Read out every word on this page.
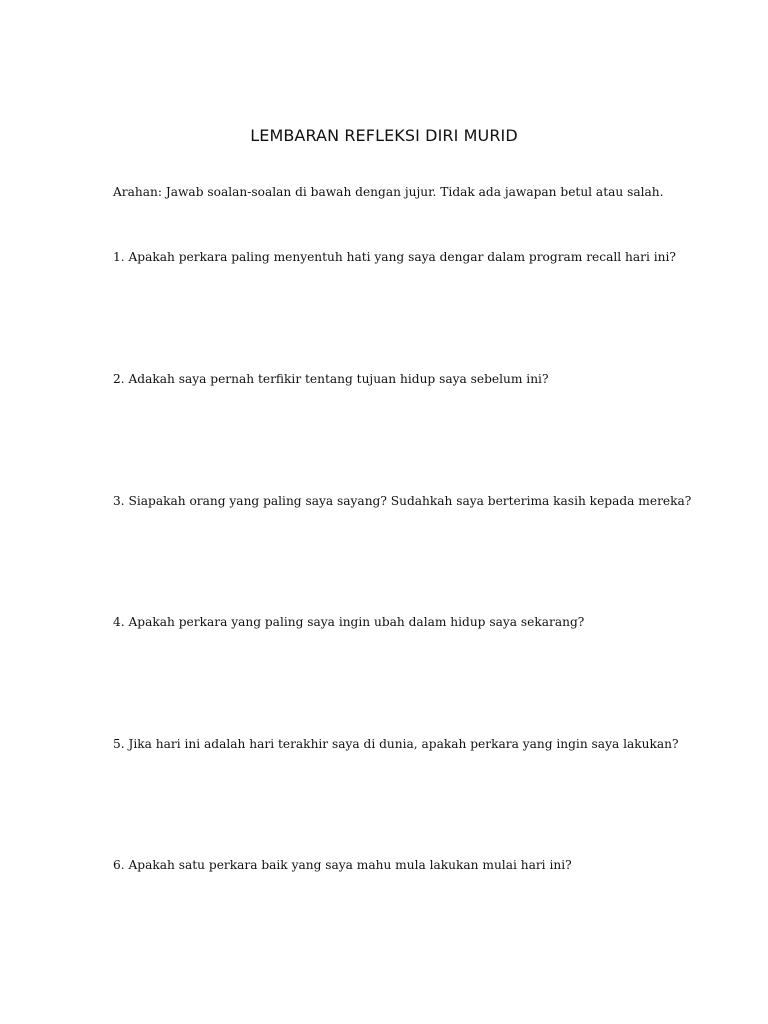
LEMBARAN REFLEKSI DIRI MURID

Arahan: Jawab soalan-soalan di bawah dengan jujur. Tidak ada jawapan betul atau salah.

1. Apakah perkara paling menyentuh hati yang saya dengar dalam program recall hari ini?

2. Adakah saya pernah terfikir tentang tujuan hidup saya sebelum ini?

3. Siapakah orang yang paling saya sayang? Sudahkah saya berterima kasih kepada mereka?

4. Apakah perkara yang paling saya ingin ubah dalam hidup saya sekarang?

5. Jika hari ini adalah hari terakhir saya di dunia, apakah perkara yang ingin saya lakukan?

6. Apakah satu perkara baik yang saya mahu mula lakukan mulai hari ini?
